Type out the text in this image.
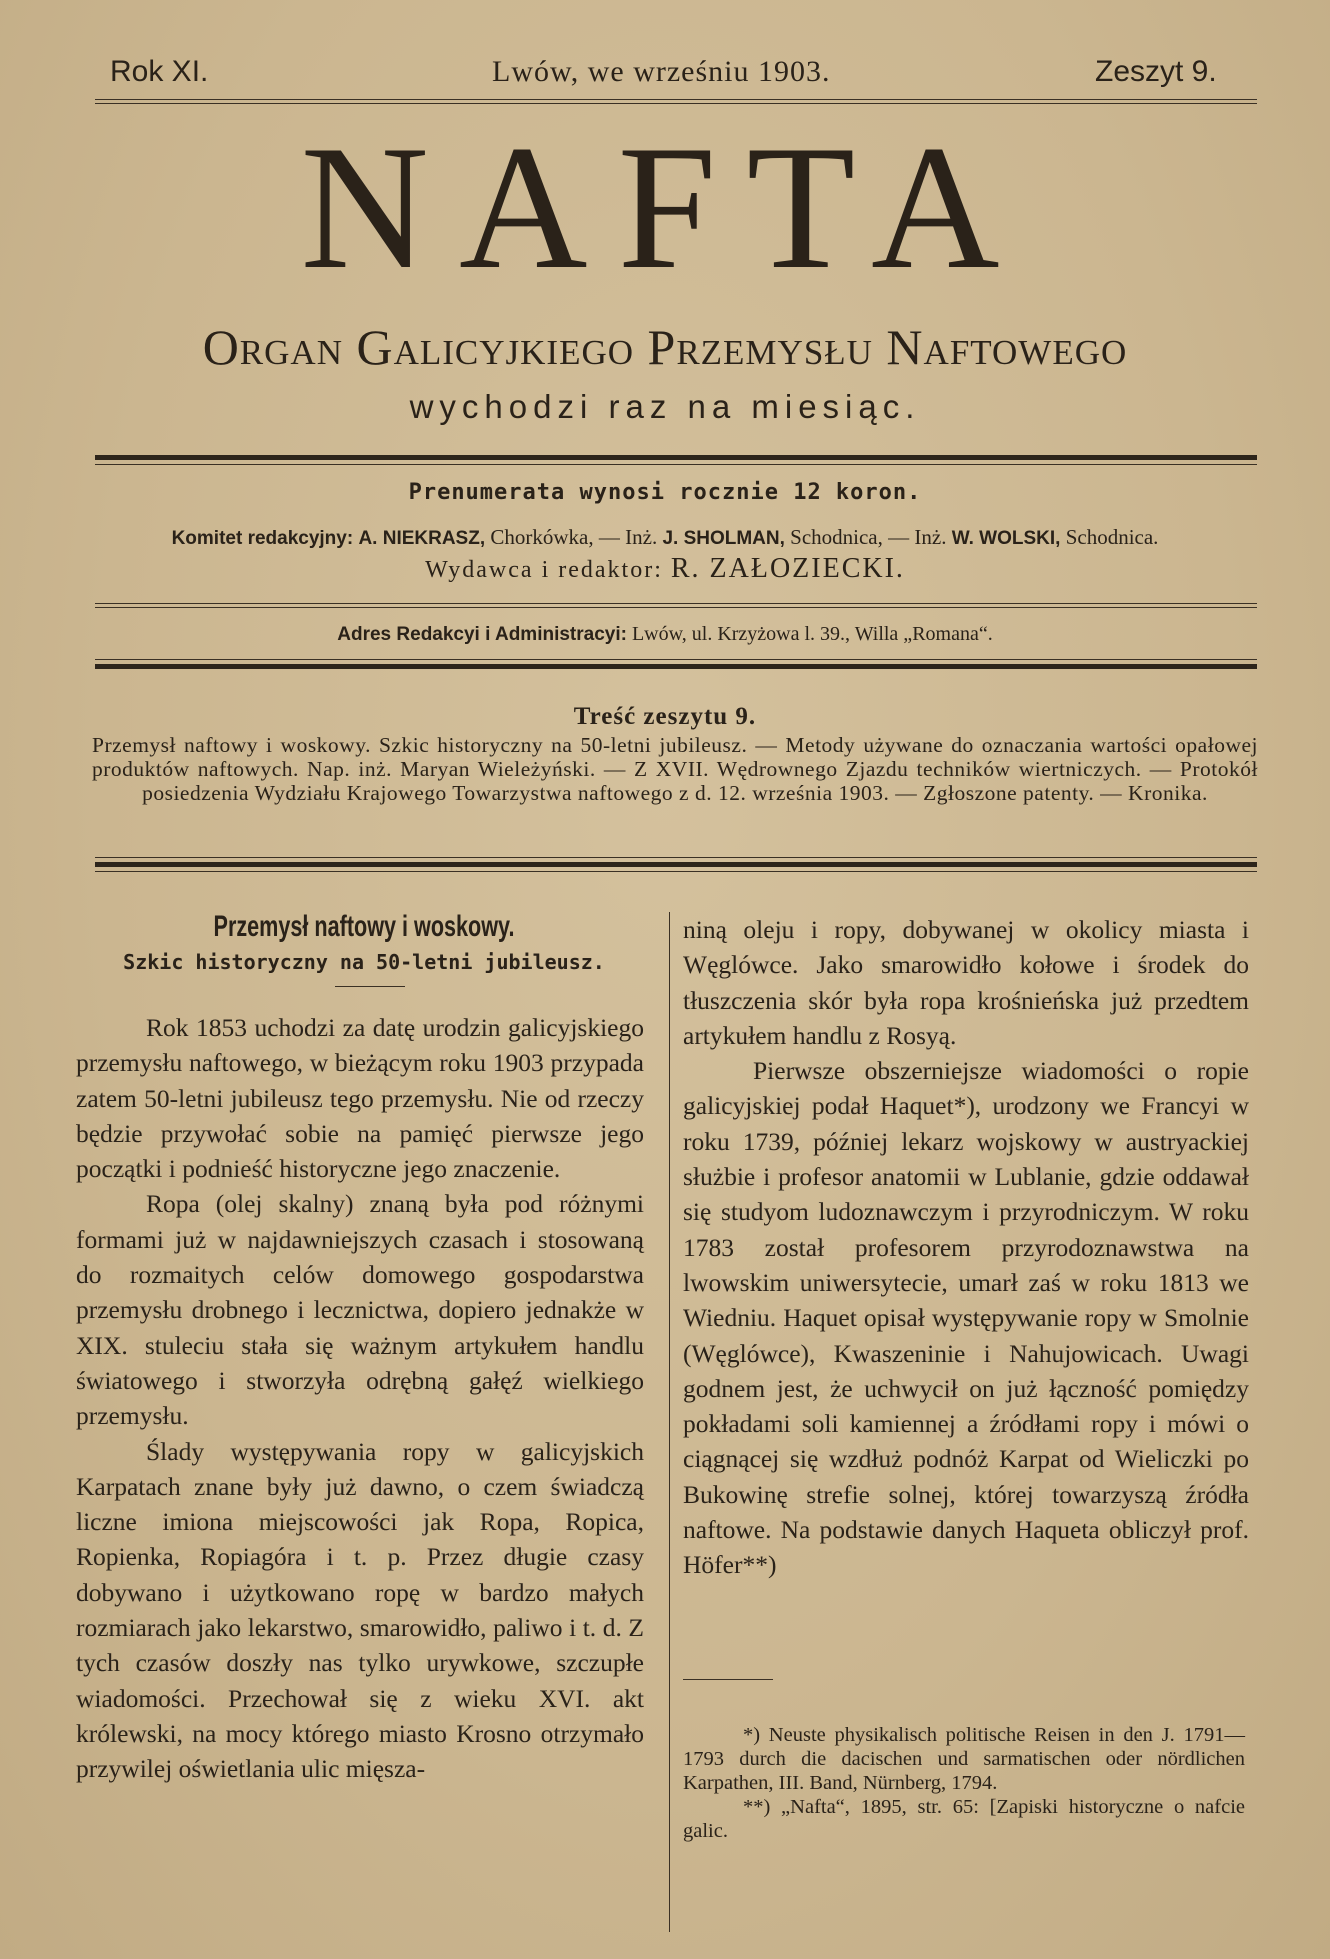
Rok XI.	Lwów, we wrześniu 1903.	Zeszyt 9.
NAFTA
Organ Galicyjkiego Przemysłu Naftowego
wychodzi raz na miesiąc.
Prenumerata wynosi rocznie 12 koron.
Komitet redakcyjny: A. NIEKRASZ, Chorkówka, — Inż. J. SHOLMAN, Schodnica, — Inż. W. WOLSKI, Schodnica.
Wydawca i redaktor: R. ZAŁOZIECKI.
Adres Redakcyi i Administracyi: Lwów, ul. Krzyżowa l. 39., Willa „Romana“.
Treść zeszytu 9.
Przemysł naftowy i woskowy. Szkic historyczny na 50-letni jubileusz. — Metody używane do oznaczania wartości opałowej produktów naftowych. Nap. inż. Maryan Wieleżyński. — Z XVII. Wędrownego Zjazdu techników wiertniczych. — Protokół posiedzenia Wydziału Krajowego Towarzystwa naftowego z d. 12. września 1903. — Zgłoszone patenty. — Kronika.
Przemysł naftowy i woskowy.
Szkic historyczny na 50-letni jubileusz.

Rok 1853 uchodzi za datę urodzin galicyjskiego przemysłu naftowego, w bieżącym roku 1903 przypada zatem 50-letni jubileusz tego przemysłu. Nie od rzeczy będzie przywołać sobie na pamięć pierwsze jego początki i podnieść historyczne jego znaczenie.

Ropa (olej skalny) znaną była pod różnymi formami już w najdawniejszych czasach i stosowaną do rozmaitych celów domowego gospodarstwa przemysłu drobnego i lecznictwa, dopiero jednakże w XIX. stuleciu stała się ważnym artykułem handlu światowego i stworzyła odrębną gałęź wielkiego przemysłu.

Ślady występywania ropy w galicyjskich Karpatach znane były już dawno, o czem świadczą liczne imiona miejscowości jak Ropa, Ropica, Ropienka, Ropiagóra i t. p. Przez długie czasy dobywano i użytkowano ropę w bardzo małych rozmiarach jako lekarstwo, smarowidło, paliwo i t. d. Z tych czasów doszły nas tylko urywkowe, szczupłe wiadomości. Przechował się z wieku XVI. akt królewski, na mocy którego miasto Krosno otrzymało przywilej oświetlania ulic mięsza-

niną oleju i ropy, dobywanej w okolicy miasta i Węglówce. Jako smarowidło kołowe i środek do tłuszczenia skór była ropa krośnieńska już przedtem artykułem handlu z Rosyą.

Pierwsze obszerniejsze wiadomości o ropie galicyjskiej podał Haquet*), urodzony we Francyi w roku 1739, później lekarz wojskowy w austryackiej służbie i profesor anatomii w Lublanie, gdzie oddawał się studyom ludoznawczym i przyrodniczym. W roku 1783 został profesorem przyrodoznawstwa na lwowskim uniwersytecie, umarł zaś w roku 1813 we Wiedniu. Haquet opisał występywanie ropy w Smolnie (Węglówce), Kwaszeninie i Nahujowicach. Uwagi godnem jest, że uchwycił on już łączność pomiędzy pokładami soli kamiennej a źródłami ropy i mówi o ciągnącej się wzdłuż podnóż Karpat od Wieliczki po Bukowinę strefie solnej, której towarzyszą źródła naftowe. Na podstawie danych Haqueta obliczył prof. Höfer**)

*) Neuste physikalisch politische Reisen in den J. 1791—1793 durch die dacischen und sarmatischen oder nördlichen Karpathen, III. Band, Nürnberg, 1794.

**) „Nafta“, 1895, str. 65: [Zapiski historyczne o nafcie galic.
